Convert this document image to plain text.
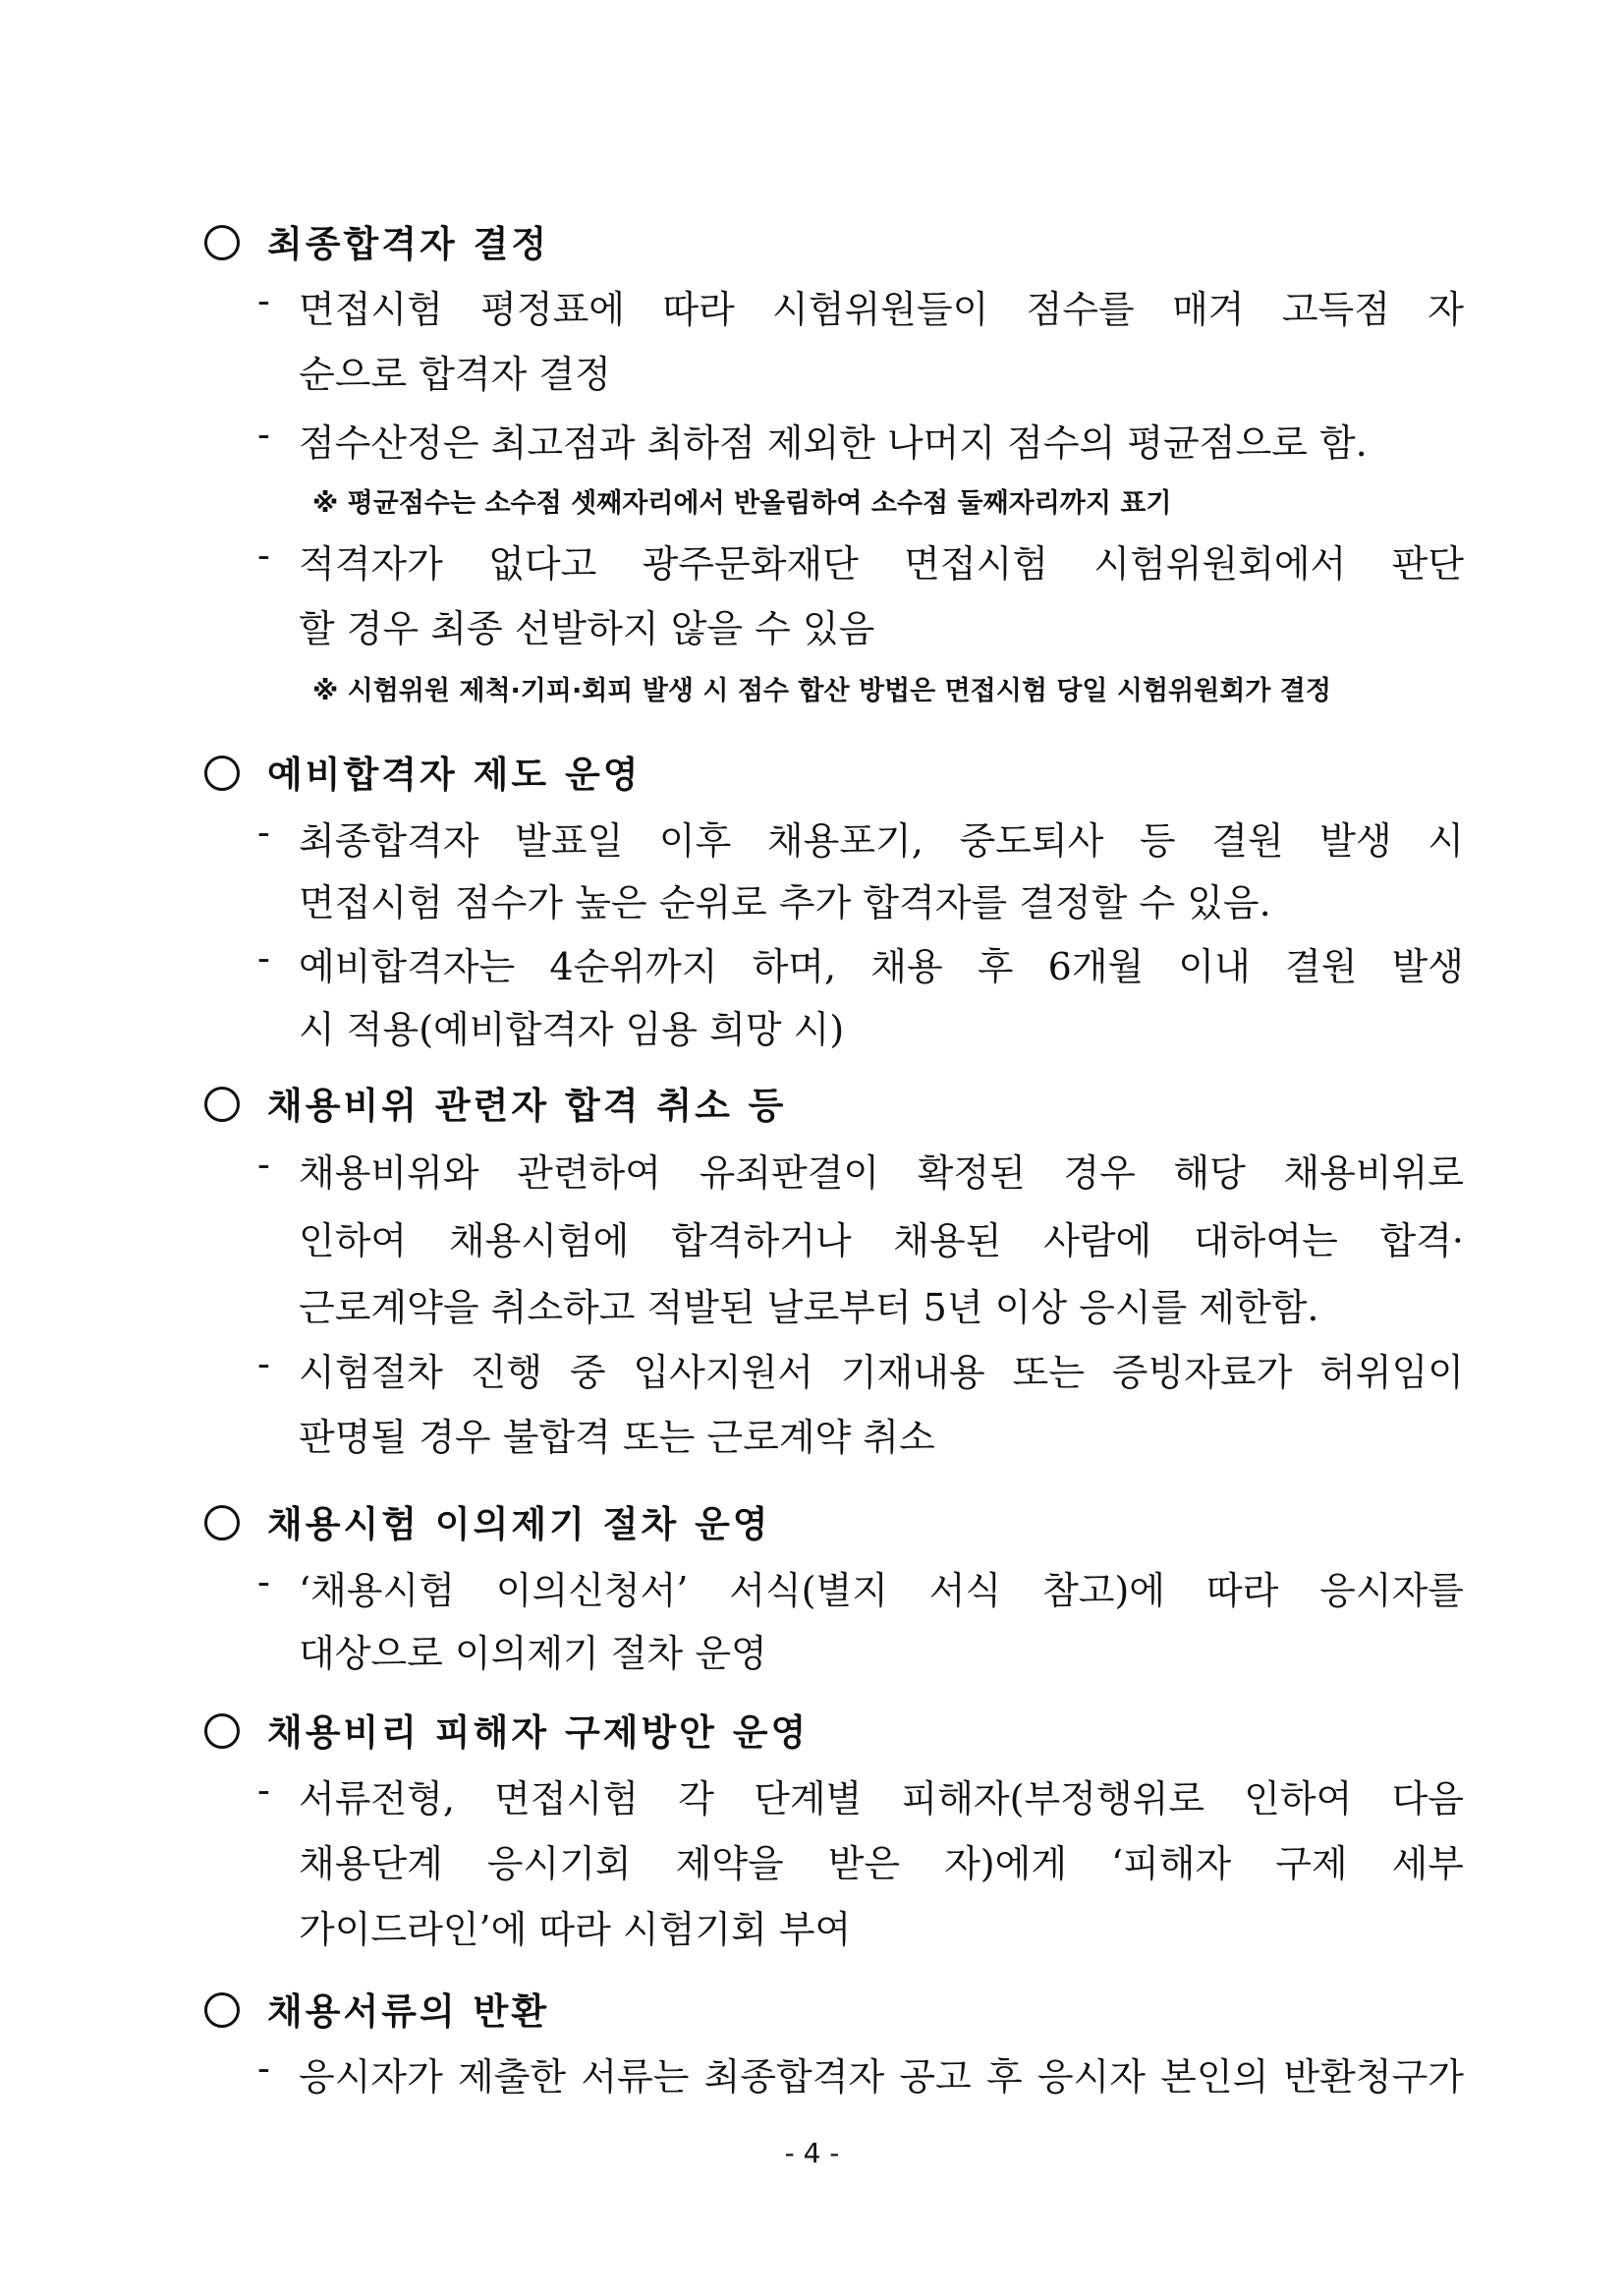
최종합격자 결정
면접시험 평정표에 따라 시험위원들이 점수를 매겨 고득점 자
순으로 합격자 결정
점수산정은 최고점과 최하점 제외한 나머지 점수의 평균점으로 함.
※ 평균점수는 소수점 셋째자리에서 반올림하여 소수점 둘째자리까지 표기
적격자가 없다고 광주문화재단 면접시험 시험위원회에서 판단
할 경우 최종 선발하지 않을 수 있음
※ 시험위원 제척·기피·회피 발생 시 점수 합산 방법은 면접시험 당일 시험위원회가 결정
예비합격자 제도 운영
최종합격자 발표일 이후 채용포기, 중도퇴사 등 결원 발생 시
면접시험 점수가 높은 순위로 추가 합격자를 결정할 수 있음.
예비합격자는 4순위까지 하며, 채용 후 6개월 이내 결원 발생
시 적용(예비합격자 임용 희망 시)
채용비위 관련자 합격 취소 등
채용비위와 관련하여 유죄판결이 확정된 경우 해당 채용비위로
인하여 채용시험에 합격하거나 채용된 사람에 대하여는 합격·
근로계약을 취소하고 적발된 날로부터 5년 이상 응시를 제한함.
시험절차 진행 중 입사지원서 기재내용 또는 증빙자료가 허위임이
판명될 경우 불합격 또는 근로계약 취소
채용시험 이의제기 절차 운영
‘채용시험 이의신청서’ 서식(별지 서식 참고)에 따라 응시자를
대상으로 이의제기 절차 운영
채용비리 피해자 구제방안 운영
서류전형, 면접시험 각 단계별 피해자(부정행위로 인하여 다음
채용단계 응시기회 제약을 받은 자)에게 ‘피해자 구제 세부
가이드라인’에 따라 시험기회 부여
채용서류의 반환
응시자가 제출한 서류는 최종합격자 공고 후 응시자 본인의 반환청구가
- 4 -
